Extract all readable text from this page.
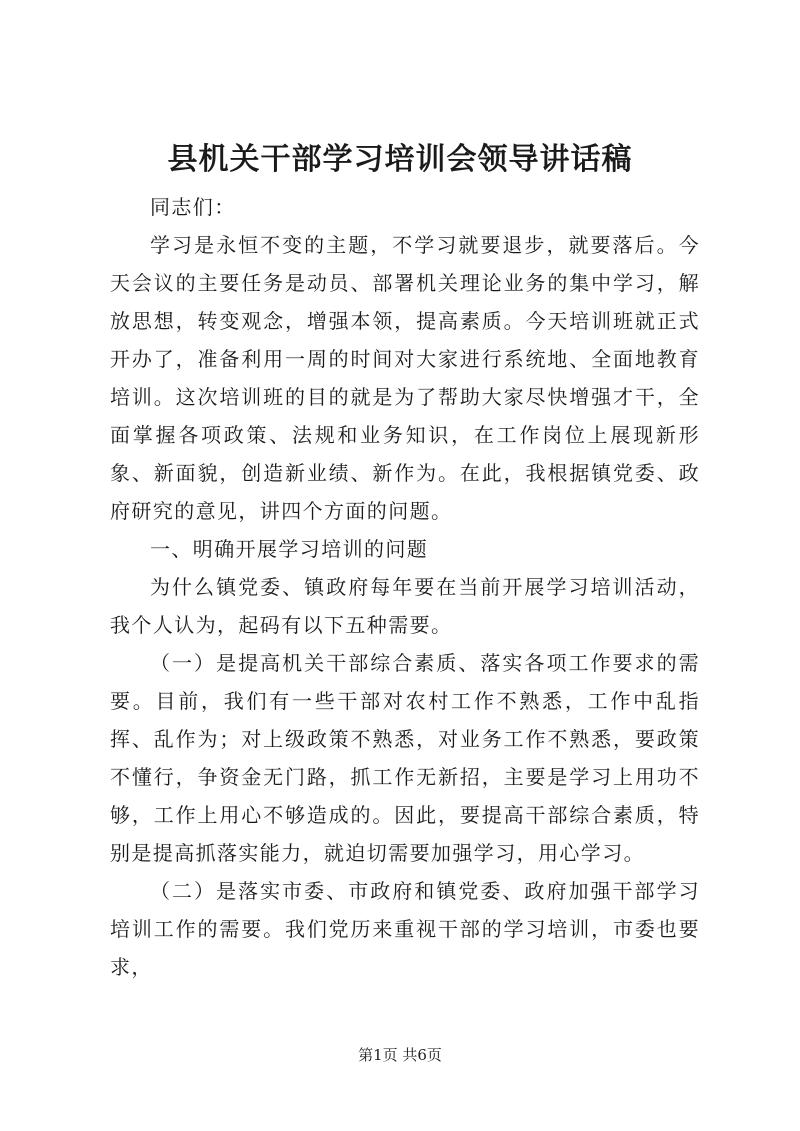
县机关干部学习培训会领导讲话稿

同志们：

学习是永恒不变的主题，不学习就要退步，就要落后。今天会议的主要任务是动员、部署机关理论业务的集中学习，解放思想，转变观念，增强本领，提高素质。今天培训班就正式开办了，准备利用一周的时间对大家进行系统地、全面地教育培训。这次培训班的目的就是为了帮助大家尽快增强才干，全面掌握各项政策、法规和业务知识，在工作岗位上展现新形象、新面貌，创造新业绩、新作为。在此，我根据镇党委、政府研究的意见，讲四个方面的问题。

一、明确开展学习培训的问题

为什么镇党委、镇政府每年要在当前开展学习培训活动，我个人认为，起码有以下五种需要。

（一）是提高机关干部综合素质、落实各项工作要求的需要。目前，我们有一些干部对农村工作不熟悉，工作中乱指挥、乱作为；对上级政策不熟悉，对业务工作不熟悉，要政策不懂行，争资金无门路，抓工作无新招，主要是学习上用功不够，工作上用心不够造成的。因此，要提高干部综合素质，特别是提高抓落实能力，就迫切需要加强学习，用心学习。

（二）是落实市委、市政府和镇党委、政府加强干部学习培训工作的需要。我们党历来重视干部的学习培训，市委也要求，

第1页 共6页
